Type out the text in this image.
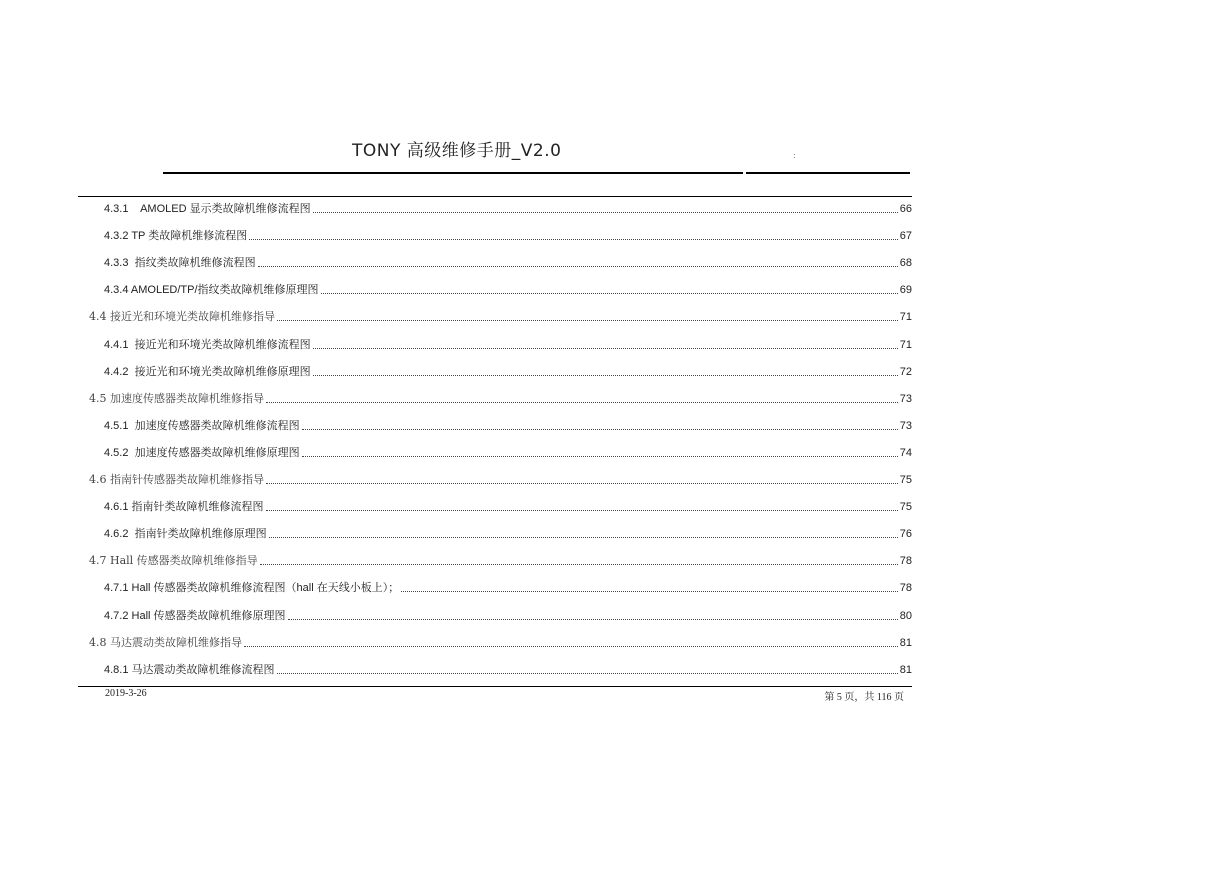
TONY 高级维修手册_V2.0	:
4.3.1    AMOLED 显示类故障机维修流程图	66
4.3.2 TP 类故障机维修流程图	67
4.3.3  指纹类故障机维修流程图	68
4.3.4 AMOLED/TP/指纹类故障机维修原理图	69
4.4 接近光和环境光类故障机维修指导	71
4.4.1  接近光和环境光类故障机维修流程图	71
4.4.2  接近光和环境光类故障机维修原理图	72
4.5 加速度传感器类故障机维修指导	73
4.5.1  加速度传感器类故障机维修流程图	73
4.5.2  加速度传感器类故障机维修原理图	74
4.6 指南针传感器类故障机维修指导	75
4.6.1 指南针类故障机维修流程图	75
4.6.2  指南针类故障机维修原理图	76
4.7 Hall 传感器类故障机维修指导	78
4.7.1 Hall 传感器类故障机维修流程图（hall 在天线小板上）；	78
4.7.2 Hall 传感器类故障机维修原理图	80
4.8 马达震动类故障机维修指导	81
4.8.1 马达震动类故障机维修流程图	81
2019-3-26	第 5 页，共 116 页
